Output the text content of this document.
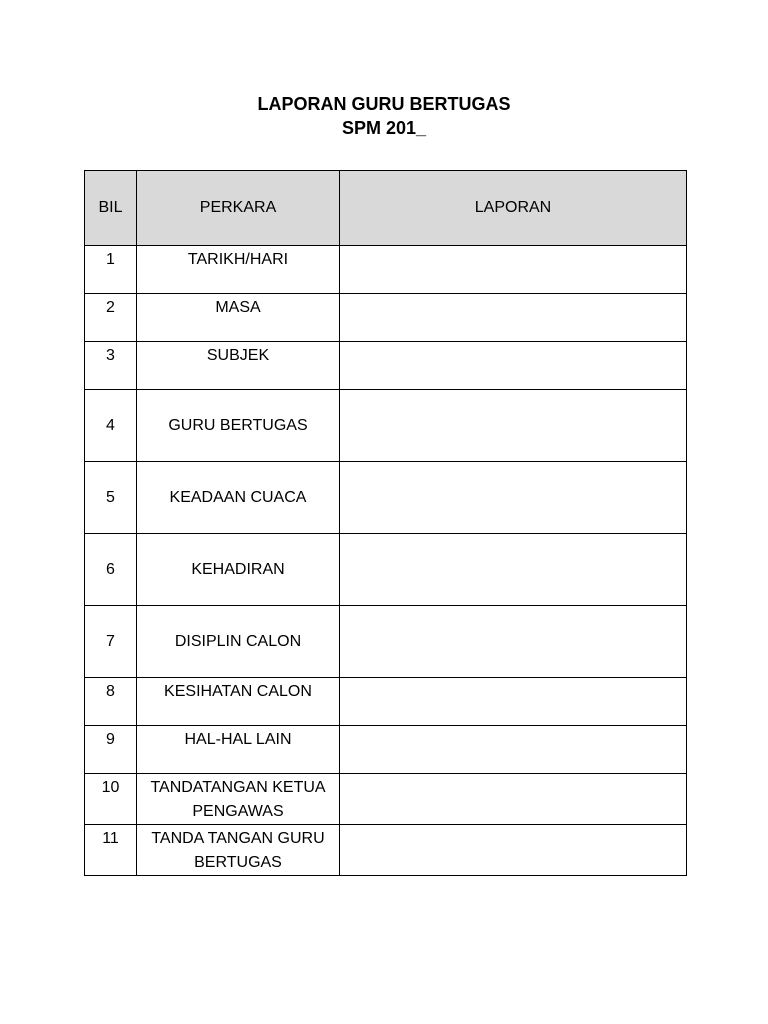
LAPORAN GURU BERTUGAS
SPM 201_
BIL	PERKARA	LAPORAN
1	TARIKH/HARI	
2	MASA	
3	SUBJEK	
4	GURU BERTUGAS	
5	KEADAAN CUACA	
6	KEHADIRAN	
7	DISIPLIN CALON	
8	KESIHATAN CALON	
9	HAL-HAL LAIN	
10	TANDATANGAN KETUA PENGAWAS	
11	TANDA TANGAN GURU BERTUGAS	
